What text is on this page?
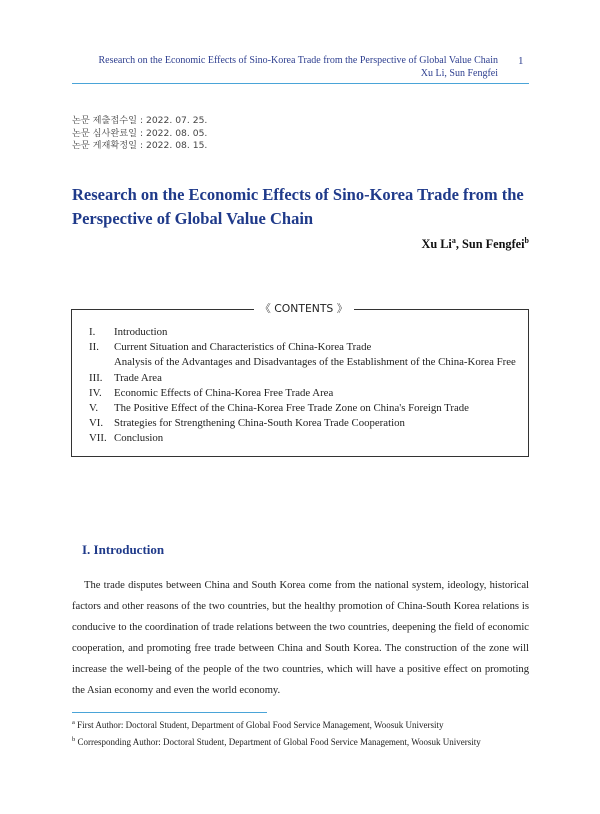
Research on the Economic Effects of Sino-Korea Trade from the Perspective of Global Value Chain
Xu Li, Sun Fengfei
1
논문 제출접수일 : 2022. 07. 25.
논문 심사완료일 : 2022. 08. 05.
논문 게재확정일 : 2022. 08. 15.
Research on the Economic Effects of Sino-Korea Trade from the Perspective of Global Value Chain
Xu Li$^a$, Sun Fengfei$^b$
《 CONTENTS 》
I. Introduction
II. Current Situation and Characteristics of China-Korea Trade
Analysis of the Advantages and Disadvantages of the Establishment of the China-Korea Free
III. Trade Area
IV. Economic Effects of China-Korea Free Trade Area
V. The Positive Effect of the China-Korea Free Trade Zone on China's Foreign Trade
VI. Strategies for Strengthening China-South Korea Trade Cooperation
VII. Conclusion
I. Introduction

The trade disputes between China and South Korea come from the national system, ideology, historical factors and other reasons of the two countries, but the healthy promotion of China-South Korea relations is conducive to the coordination of trade relations between the two countries, deepening the field of economic cooperation, and promoting free trade between China and South Korea. The construction of the zone will increase the well-being of the people of the two countries, which will have a positive effect on promoting the Asian economy and even the world economy.

$^a$ First Author: Doctoral Student, Department of Global Food Service Management, Woosuk University
$^b$ Corresponding Author: Doctoral Student, Department of Global Food Service Management, Woosuk University
